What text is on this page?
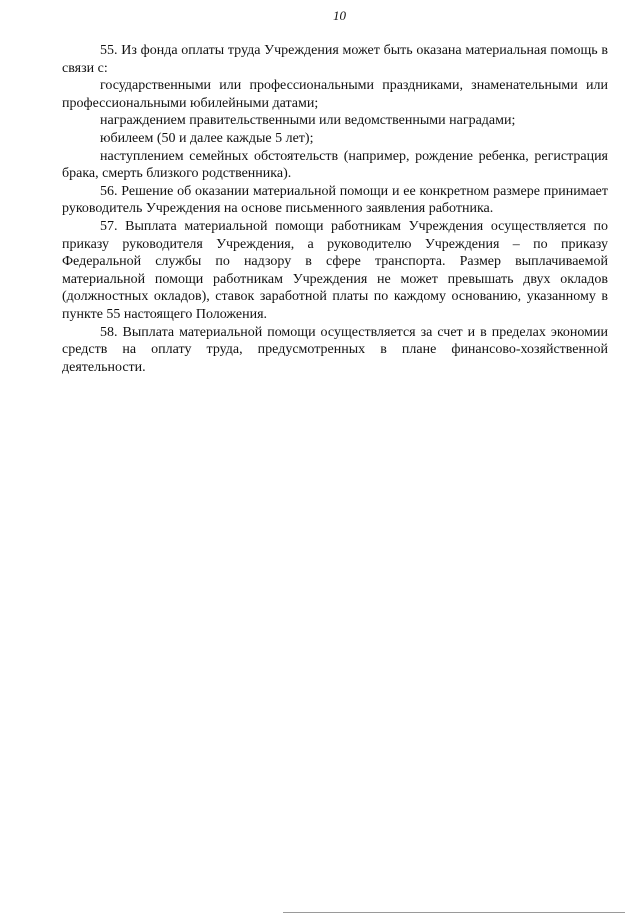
10

55. Из фонда оплаты труда Учреждения может быть оказана материальная помощь в связи с:

государственными или профессиональными праздниками, знаменательными или профессиональными юбилейными датами;

награждением правительственными или ведомственными наградами;

юбилеем (50 и далее каждые 5 лет);

наступлением семейных обстоятельств (например, рождение ребенка, регистрация брака, смерть близкого родственника).

56. Решение об оказании материальной помощи и ее конкретном размере принимает руководитель Учреждения на основе письменного заявления работника.

57. Выплата материальной помощи работникам Учреждения осуществляется по приказу руководителя Учреждения, а руководителю Учреждения – по приказу Федеральной службы по надзору в сфере транспорта. Размер выплачиваемой материальной помощи работникам Учреждения не может превышать двух окладов (должностных окладов), ставок заработной платы по каждому основанию, указанному в пункте 55 настоящего Положения.

58. Выплата материальной помощи осуществляется за счет и в пределах экономии средств на оплату труда, предусмотренных в плане финансово-хозяйственной деятельности.
